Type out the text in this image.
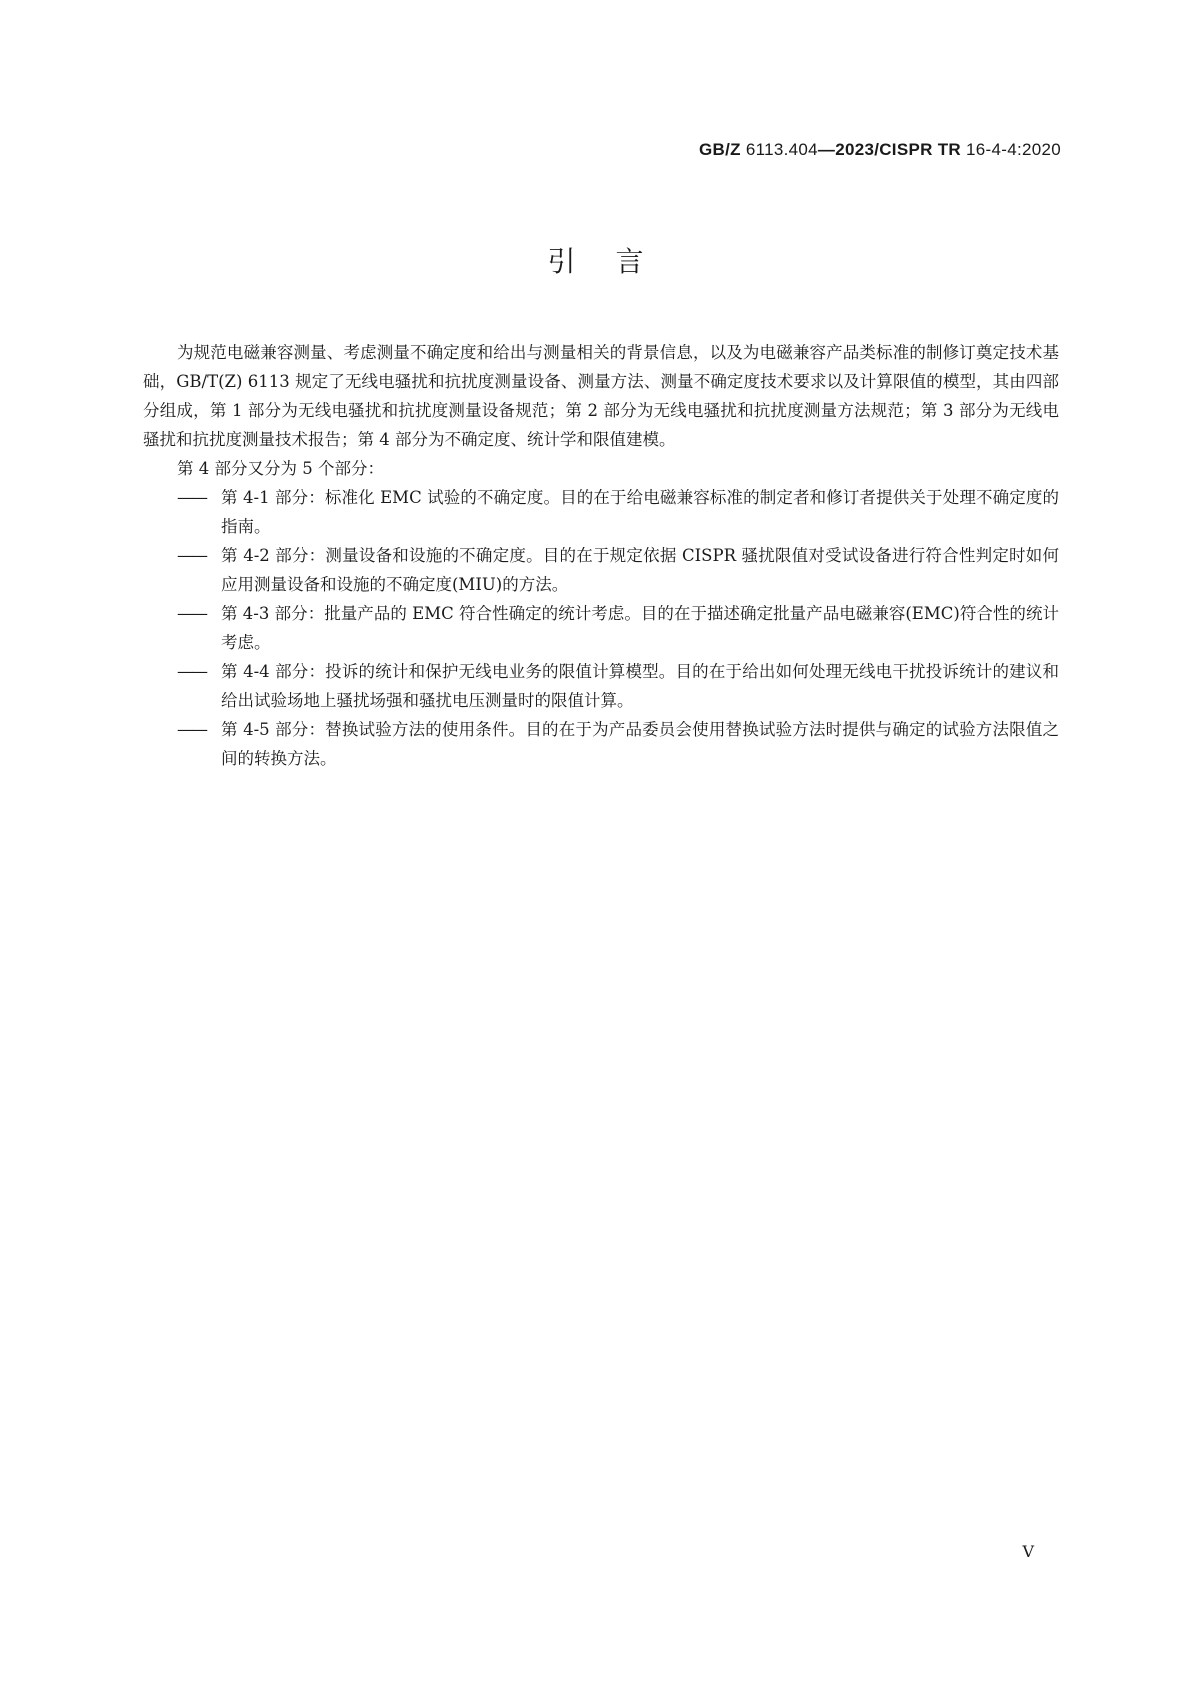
GB/Z 6113.404—2023/CISPR TR 16-4-4:2020
引言

为规范电磁兼容测量、考虑测量不确定度和给出与测量相关的背景信息，以及为电磁兼容产品类标准的制修订奠定技术基础，GB/T(Z) 6113 规定了无线电骚扰和抗扰度测量设备、测量方法、测量不确定度技术要求以及计算限值的模型，其由四部分组成，第 1 部分为无线电骚扰和抗扰度测量设备规范；第 2 部分为无线电骚扰和抗扰度测量方法规范；第 3 部分为无线电骚扰和抗扰度测量技术报告；第 4 部分为不确定度、统计学和限值建模。

第 4 部分又分为 5 个部分：

—— 第 4-1 部分：标准化 EMC 试验的不确定度。目的在于给电磁兼容标准的制定者和修订者提供关于处理不确定度的指南。
—— 第 4-2 部分：测量设备和设施的不确定度。目的在于规定依据 CISPR 骚扰限值对受试设备进行符合性判定时如何应用测量设备和设施的不确定度(MIU)的方法。
—— 第 4-3 部分：批量产品的 EMC 符合性确定的统计考虑。目的在于描述确定批量产品电磁兼容(EMC)符合性的统计考虑。
—— 第 4-4 部分：投诉的统计和保护无线电业务的限值计算模型。目的在于给出如何处理无线电干扰投诉统计的建议和给出试验场地上骚扰场强和骚扰电压测量时的限值计算。
—— 第 4-5 部分：替换试验方法的使用条件。目的在于为产品委员会使用替换试验方法时提供与确定的试验方法限值之间的转换方法。
V
